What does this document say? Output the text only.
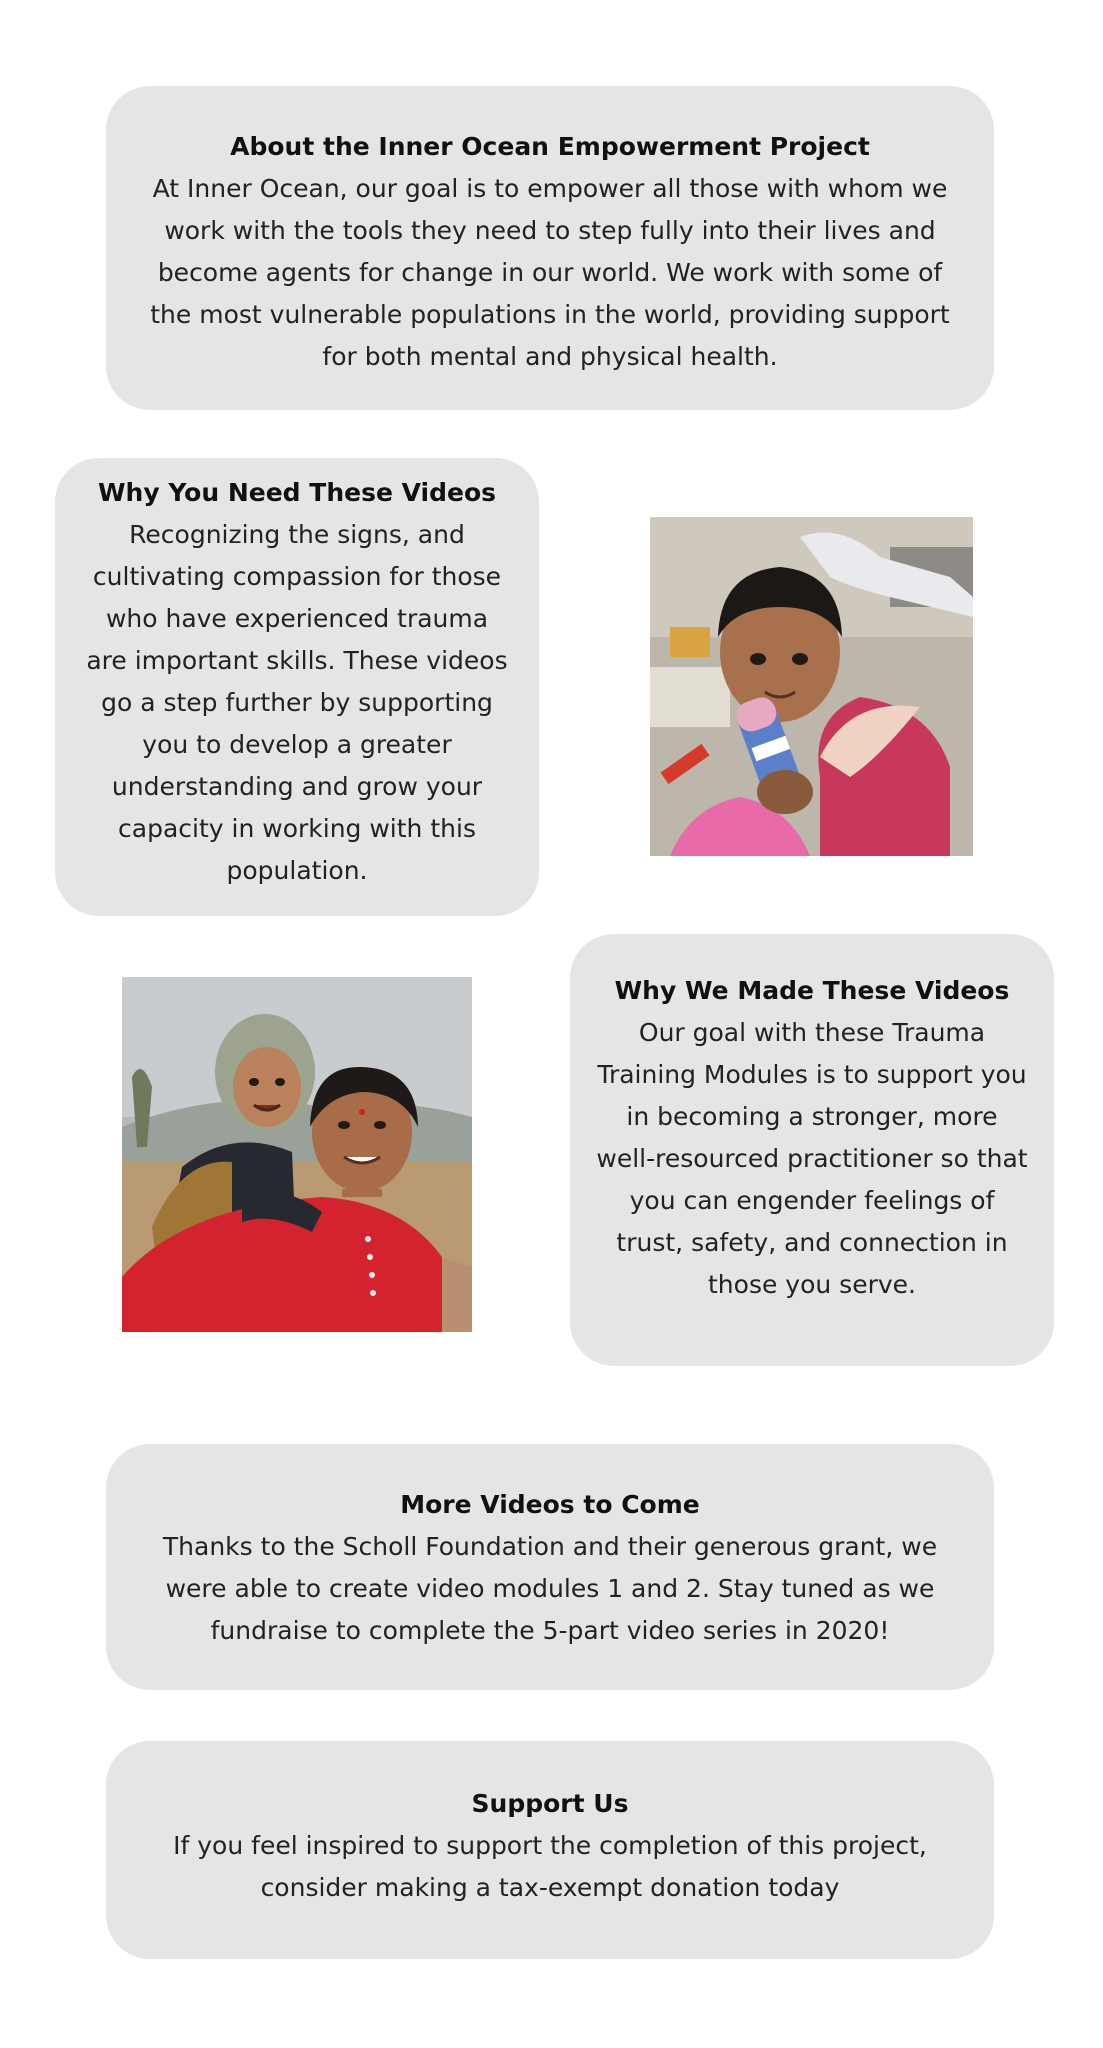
About the Inner Ocean Empowerment Project

At Inner Ocean, our goal is to empower all those with whom we work with the tools they need to step fully into their lives and become agents for change in our world. We work with some of the most vulnerable populations in the world, providing support for both mental and physical health.

Why You Need These Videos

Recognizing the signs, and cultivating compassion for those who have experienced trauma are important skills. These videos go a step further by supporting you to develop a greater understanding and grow your capacity in working with this population.

Why We Made These Videos

Our goal with these Trauma Training Modules is to support you in becoming a stronger, more well-resourced practitioner so that you can engender feelings of trust, safety, and connection in those you serve.

More Videos to Come

Thanks to the Scholl Foundation and their generous grant, we were able to create video modules 1 and 2. Stay tuned as we fundraise to complete the 5-part video series in 2020!

Support Us

If you feel inspired to support the completion of this project, consider making a tax-exempt donation today
